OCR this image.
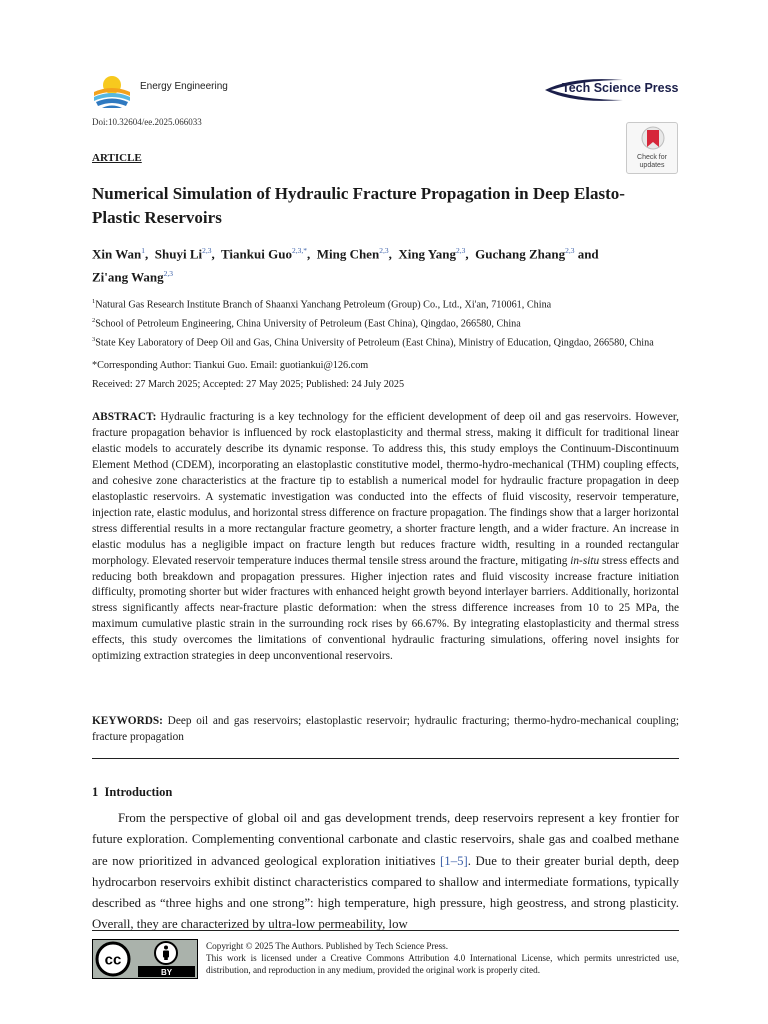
Energy Engineering	Tech Science Press
Doi:10.32604/ee.2025.066033
Check for updates
ARTICLE
Numerical Simulation of Hydraulic Fracture Propagation in Deep Elasto-Plastic Reservoirs
Xin Wan$^1$,  Shuyi Li$^{2,3}$,  Tiankui Guo$^{2,3,*}$,  Ming Chen$^{2,3}$,  Xing Yang$^{2,3}$,  Guchang Zhang$^{2,3}$ and
Zi'ang Wang$^{2,3}$
$^1$Natural Gas Research Institute Branch of Shaanxi Yanchang Petroleum (Group) Co., Ltd., Xi'an, 710061, China
$^2$School of Petroleum Engineering, China University of Petroleum (East China), Qingdao, 266580, China
$^3$State Key Laboratory of Deep Oil and Gas, China University of Petroleum (East China), Ministry of Education, Qingdao, 266580, China
*Corresponding Author: Tiankui Guo. Email: guotiankui@126.com
Received: 27 March 2025; Accepted: 27 May 2025; Published: 24 July 2025

ABSTRACT: Hydraulic fracturing is a key technology for the efficient development of deep oil and gas reservoirs. However, fracture propagation behavior is influenced by rock elastoplasticity and thermal stress, making it difficult for traditional linear elastic models to accurately describe its dynamic response. To address this, this study employs the Continuum-Discontinuum Element Method (CDEM), incorporating an elastoplastic constitutive model, thermo-hydro-mechanical (THM) coupling effects, and cohesive zone characteristics at the fracture tip to establish a numerical model for hydraulic fracture propagation in deep elastoplastic reservoirs. A systematic investigation was conducted into the effects of fluid viscosity, reservoir temperature, injection rate, elastic modulus, and horizontal stress difference on fracture propagation. The findings show that a larger horizontal stress differential results in a more rectangular fracture geometry, a shorter fracture length, and a wider fracture. An increase in elastic modulus has a negligible impact on fracture length but reduces fracture width, resulting in a rounded rectangular morphology. Elevated reservoir temperature induces thermal tensile stress around the fracture, mitigating in-situ stress effects and reducing both breakdown and propagation pressures. Higher injection rates and fluid viscosity increase fracture initiation difficulty, promoting shorter but wider fractures with enhanced height growth beyond interlayer barriers. Additionally, horizontal stress significantly affects near-fracture plastic deformation: when the stress difference increases from 10 to 25 MPa, the maximum cumulative plastic strain in the surrounding rock rises by 66.67%. By integrating elastoplasticity and thermal stress effects, this study overcomes the limitations of conventional hydraulic fracturing simulations, offering novel insights for optimizing extraction strategies in deep unconventional reservoirs.

KEYWORDS: Deep oil and gas reservoirs; elastoplastic reservoir; hydraulic fracturing; thermo-hydro-mechanical coupling; fracture propagation

1 Introduction

From the perspective of global oil and gas development trends, deep reservoirs represent a key frontier for future exploration. Complementing conventional carbonate and clastic reservoirs, shale gas and coalbed methane are now prioritized in advanced geological exploration initiatives [1–5]. Due to their greater burial depth, deep hydrocarbon reservoirs exhibit distinct characteristics compared to shallow and intermediate formations, typically described as “three highs and one strong”: high temperature, high pressure, high geostress, and strong plasticity. Overall, they are characterized by ultra-low permeability, low

cc
BY
Copyright © 2025 The Authors. Published by Tech Science Press.
This work is licensed under a Creative Commons Attribution 4.0 International License, which permits unrestricted use, distribution, and reproduction in any medium, provided the original work is properly cited.
